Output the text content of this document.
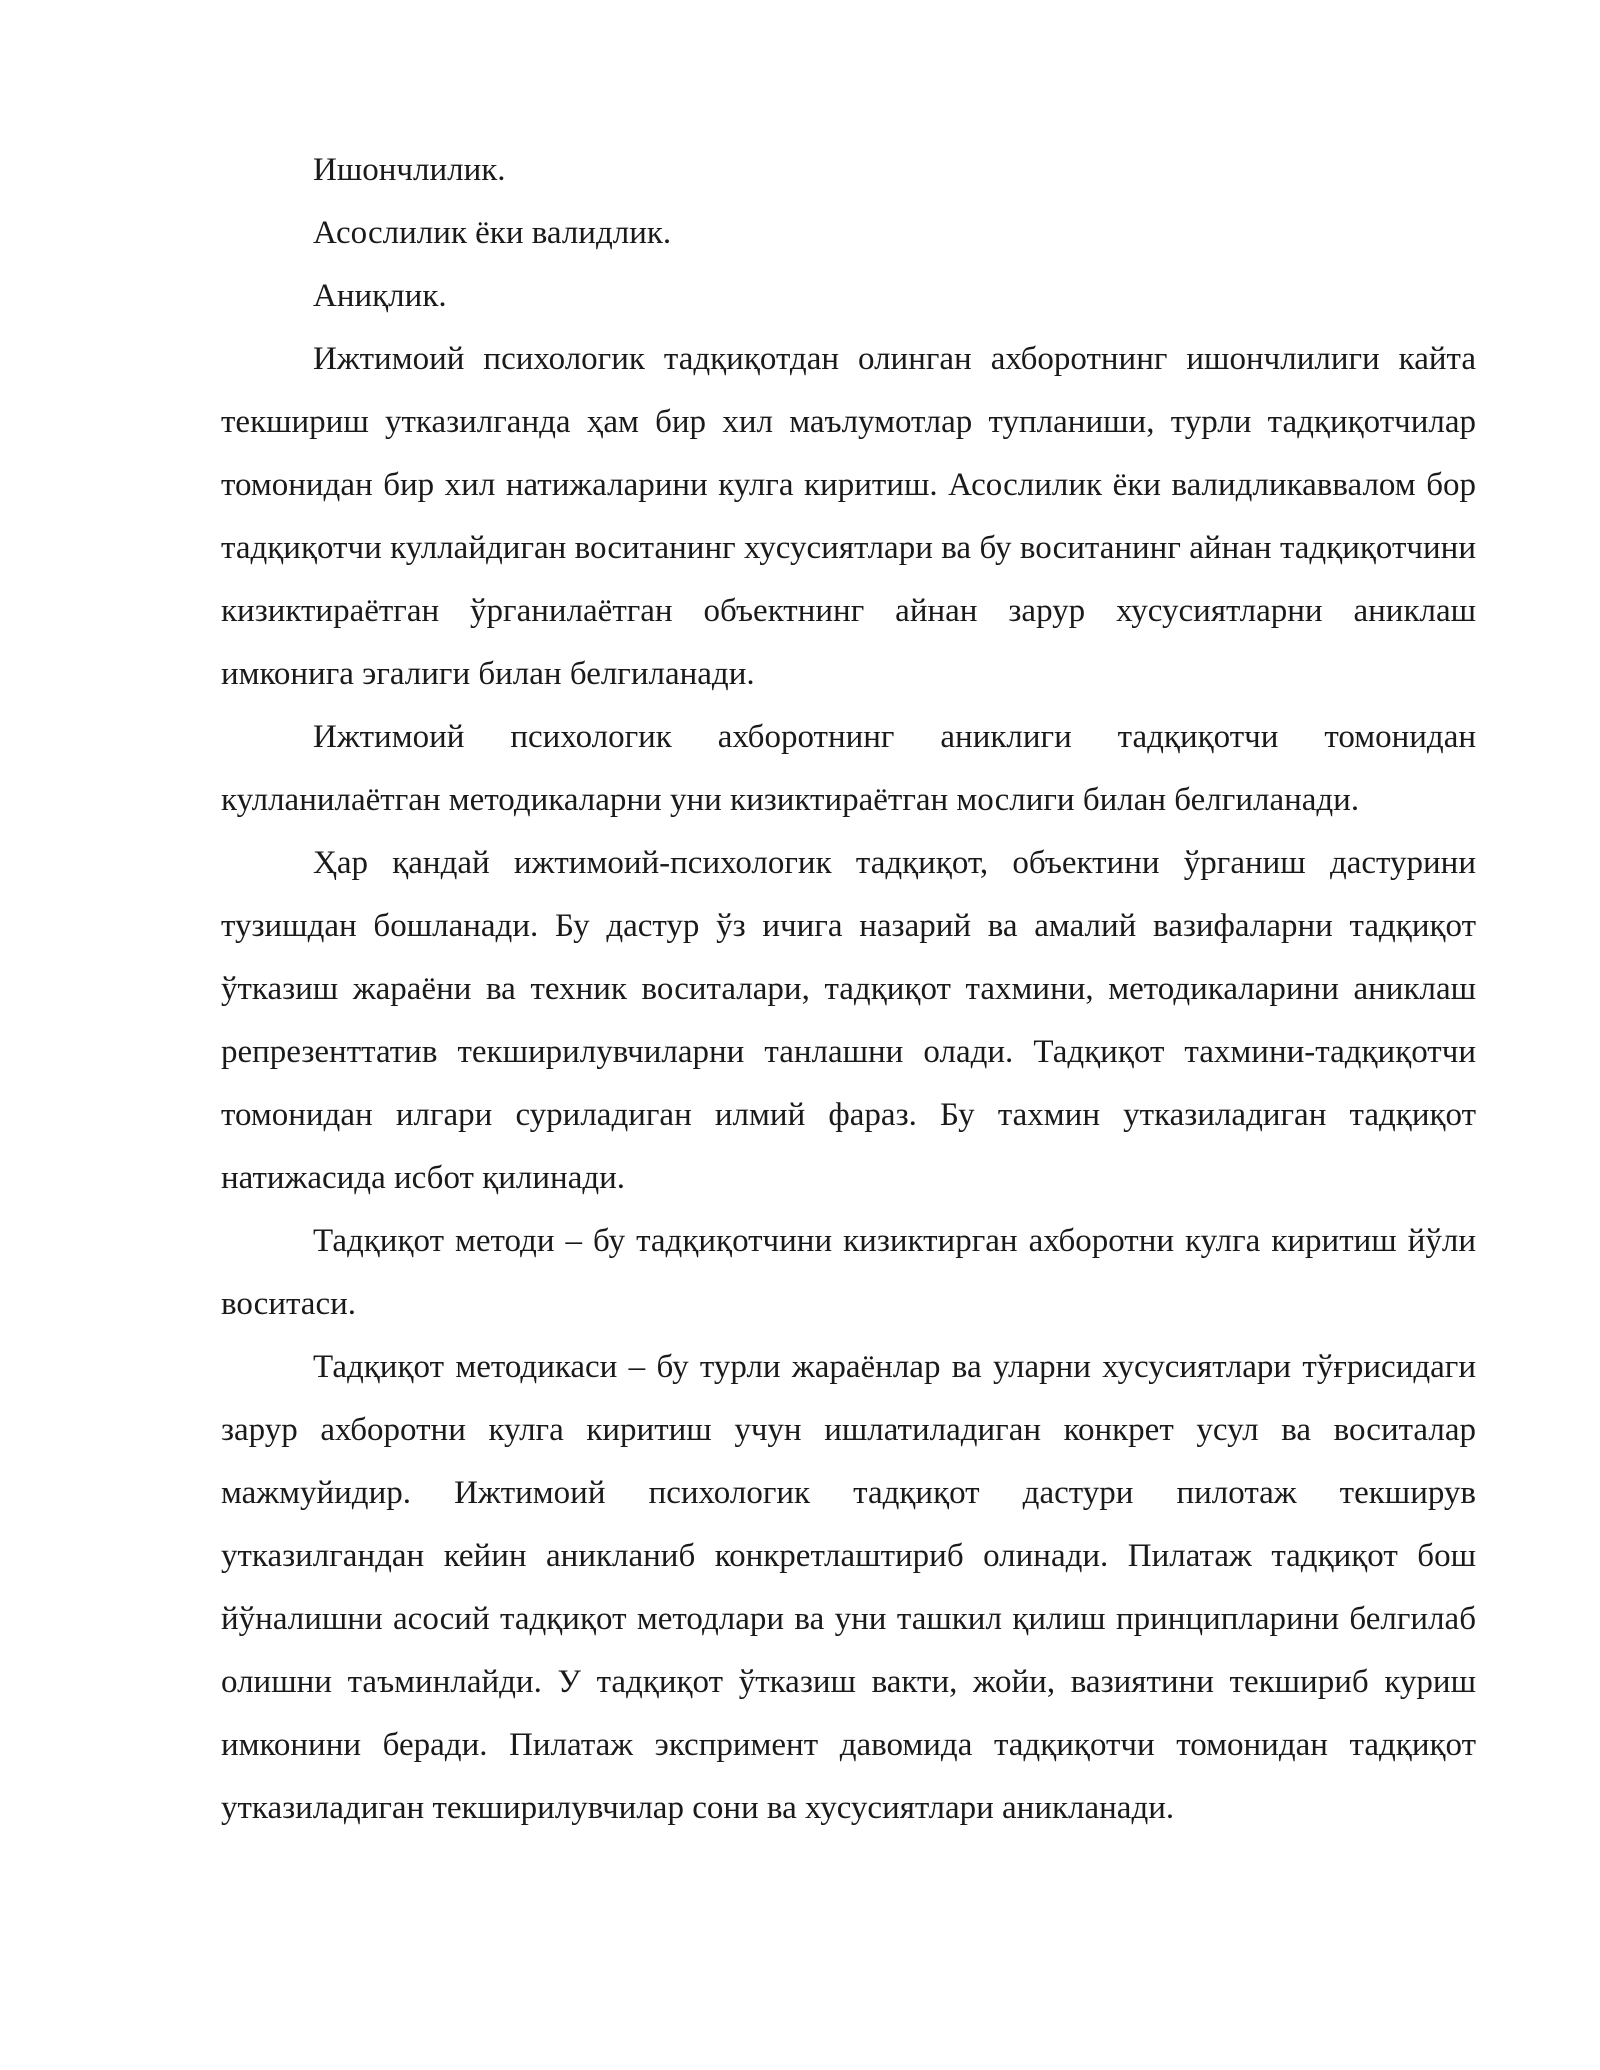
Ишончлилик.

Асослилик ёки валидлик.

Аниқлик.

Ижтимоий психологик тадқиқотдан олинган ахборотнинг ишончлилиги кайта текшириш утказилганда ҳам бир хил маълумотлар тупланиши, турли тадқиқотчилар томонидан бир хил натижаларини кулга киритиш. Асослилик ёки валидликаввалом бор тадқиқотчи куллайдиган воситанинг хусусиятлари ва бу воситанинг айнан тадқиқотчини кизиктираётган ўрганилаётган объектнинг айнан зарур хусусиятларни аниклаш имконига эгалиги билан белгиланади.

Ижтимоий психологик ахборотнинг аниклиги тадқиқотчи томонидан кулланилаётган методикаларни уни кизиктираётган мослиги билан белгиланади.

Ҳар қандай ижтимоий-психологик тадқиқот, объектини ўрганиш дастурини тузишдан бошланади. Бу дастур ўз ичига назарий ва амалий вазифаларни тадқиқот ўтказиш жараёни ва техник воситалари, тадқиқот тахмини, методикаларини аниклаш репрезенттатив текширилувчиларни танлашни олади. Тадқиқот тахмини-тадқиқотчи томонидан илгари суриладиган илмий фараз. Бу тахмин утказиладиган тадқиқот натижасида исбот қилинади.

Тадқиқот методи – бу тадқиқотчини кизиктирган ахборотни кулга киритиш йўли воситаси.

Тадқиқот методикаси – бу турли жараёнлар ва уларни хусусиятлари тўғрисидаги зарур ахборотни кулга киритиш учун ишлатиладиган конкрет усул ва воситалар мажмуйидир. Ижтимоий психологик тадқиқот дастури пилотаж текширув утказилгандан кейин аникланиб конкретлаштириб олинади. Пилатаж тадқиқот бош йўналишни асосий тадқиқот методлари ва уни ташкил қилиш принципларини белгилаб олишни таъминлайди. У тадқиқот ўтказиш вакти, жойи, вазиятини текшириб куриш имконини беради. Пилатаж экспримент давомида тадқиқотчи томонидан тадқиқот утказиладиган текширилувчилар сони ва хусусиятлари аникланади.
